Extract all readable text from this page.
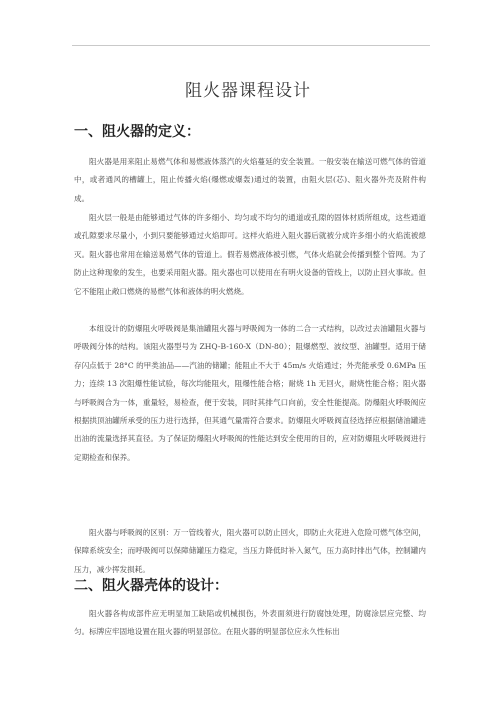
阻火器课程设计
一、阻火器的定义：

阻火器是用来阻止易燃气体和易燃液体蒸汽的火焰蔓延的安全装置。一般安装在输送可燃气体的管道中，或者通风的槽罐上，阻止传播火焰(爆燃或爆轰)通过的装置，由阻火层(芯)、阻火器外壳及附件构成。

阻火层一般是由能够通过气体的许多细小、均匀或不均匀的通道或孔隙的固体材质所组成，这些通道或孔隙要求尽量小，小到只要能够通过火焰即可。这样火焰进入阻火器后就被分成许多细小的火焰流被熄灭。阻火器也常用在输送易燃气体的管道上。假若易燃液体被引燃，气体火焰就会传播到整个管网。为了防止这种现象的发生，也要采用阻火器。阻火器也可以使用在有明火设备的管线上，以防止回火事故。但它不能阻止敞口燃烧的易燃气体和液体的明火燃烧。

本组设计的防爆阻火呼吸阀是集油罐阻火器与呼吸阀为一体的二合一式结构，以改过去油罐阻火器与呼吸阀分体的结构。该阻火器型号为 ZHQ-B-160-X（DN-80）；阻爆燃型、波纹型、油罐型。适用于储存闪点低于 28°C 的甲类油品——汽油的储罐；能阻止不大于 45m/s 火焰通过；外壳能承受 0.6MPa 压力；连续 13 次阻爆性能试验，每次均能阻火，阻爆性能合格；耐烧 1h 无回火，耐烧性能合格；阻火器与呼吸阀合为一体，重量轻，易检查，便于安装，同时其排气口向前，安全性能提高。防爆阻火呼吸阀应根据拱顶油罐所承受的压力进行选择，但其通气量需符合要求。防爆阻火呼吸阀直径选择应根据储油罐进出油的流量选择其直径。为了保证防爆阻火呼吸阀的性能达到安全使用的目的，应对防爆阻火呼吸阀进行定期检查和保养。

阻火器与呼吸阀的区别：万一管线着火，阻火器可以防止回火，即防止火花进入危险可燃气体空间，保障系统安全；而呼吸阀可以保障储罐压力稳定，当压力降低时补入氮气，压力高时排出气体，控制罐内压力，减少挥发损耗。

二、阻火器壳体的设计：

阻火器各构成部件应无明显加工缺陷或机械损伤，外表面须进行防腐蚀处理，防腐涂层应完整、均匀。标牌应牢固地设置在阻火器的明显部位。在阻火器的明显部位应永久性标出
